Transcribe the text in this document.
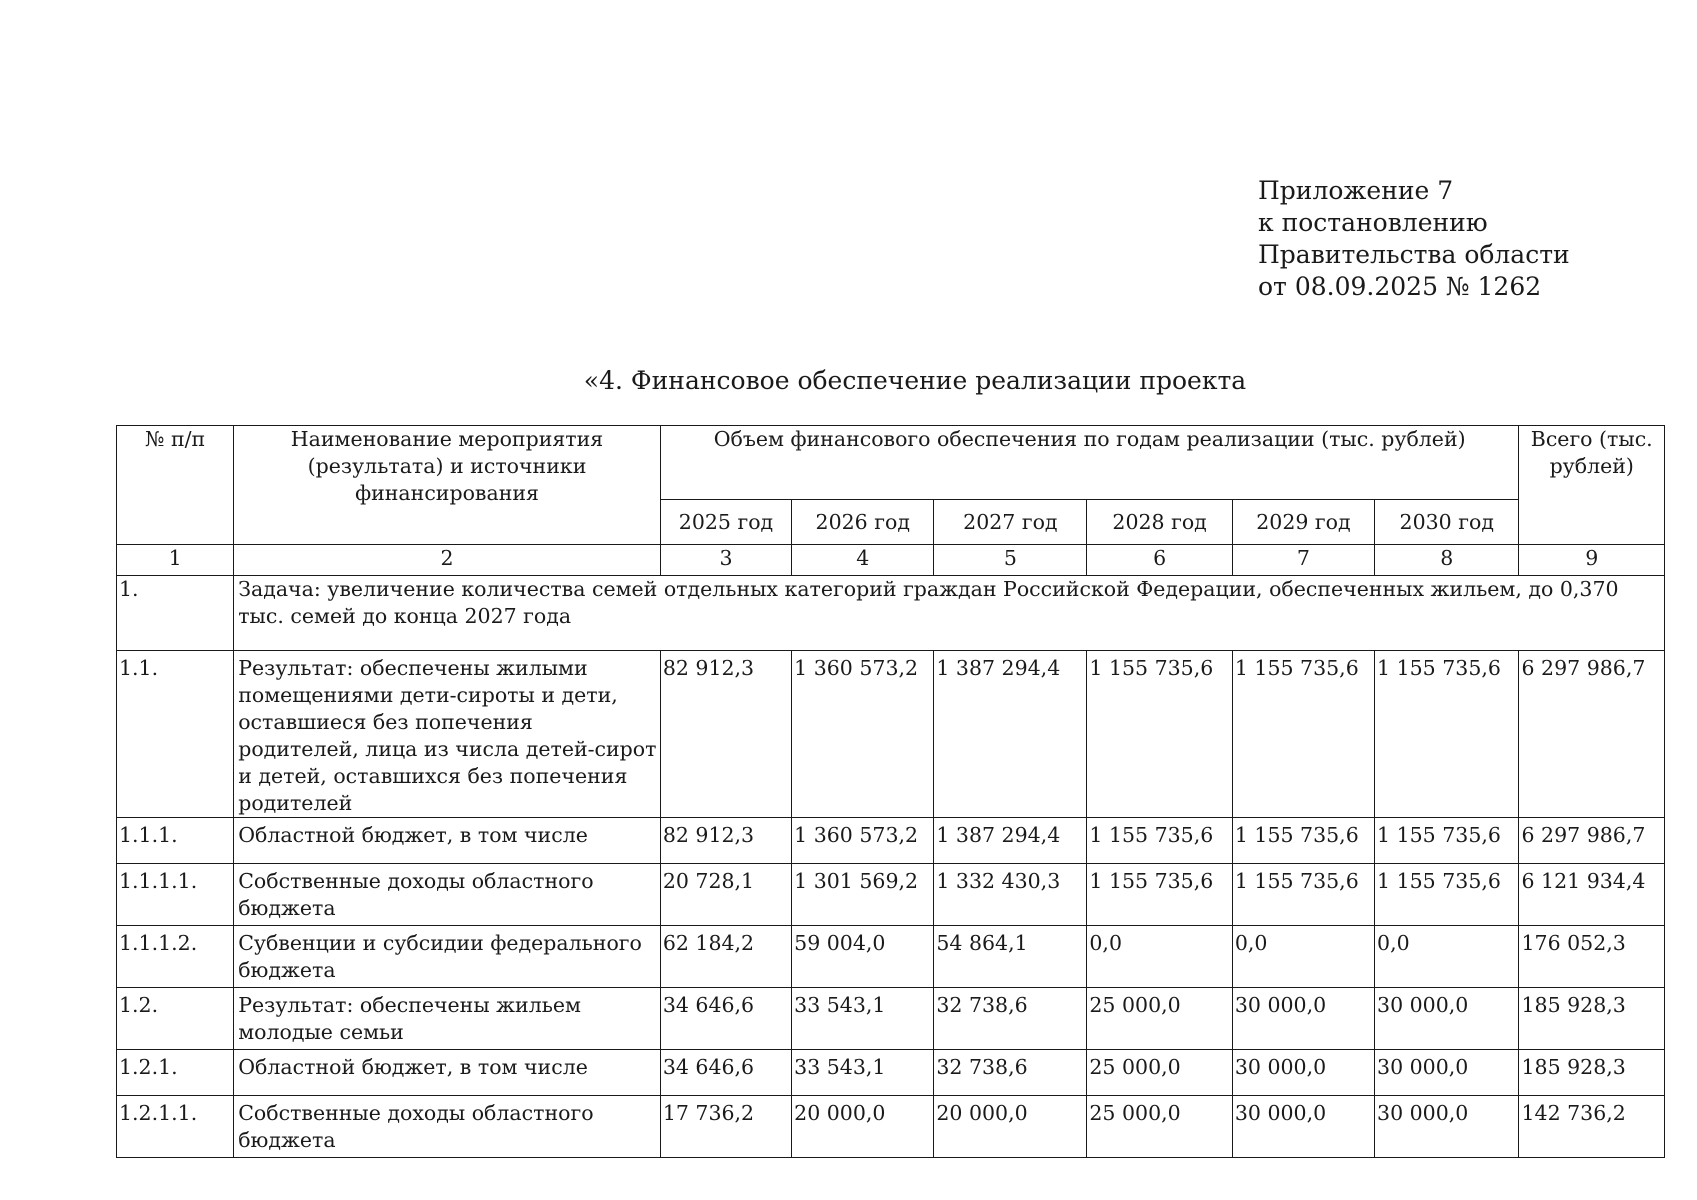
Приложение 7
к постановлению
Правительства области
от 08.09.2025 № 1262
«4. Финансовое обеспечение реализации проекта
№ п/п	Наименование мероприятия (результата) и источники финансирования	Объем финансового обеспечения по годам реализации (тыс. рублей)						Всего (тыс. рублей)
		2025 год	2026 год	2027 год	2028 год	2029 год	2030 год	
1	2	3	4	5	6	7	8	9
1.	Задача: увеличение количества семей отдельных категорий граждан Российской Федерации, обеспеченных жильем, до 0,370 тыс. семей до конца 2027 года							
1.1.	Результат: обеспечены жилыми помещениями дети-сироты и дети, оставшиеся без попечения родителей, лица из числа детей-сирот и детей, оставшихся без попечения родителей	82 912,3	1 360 573,2	1 387 294,4	1 155 735,6	1 155 735,6	1 155 735,6	6 297 986,7
1.1.1.	Областной бюджет, в том числе	82 912,3	1 360 573,2	1 387 294,4	1 155 735,6	1 155 735,6	1 155 735,6	6 297 986,7
1.1.1.1.	Собственные доходы областного бюджета	20 728,1	1 301 569,2	1 332 430,3	1 155 735,6	1 155 735,6	1 155 735,6	6 121 934,4
1.1.1.2.	Субвенции и субсидии федерального бюджета	62 184,2	59 004,0	54 864,1	0,0	0,0	0,0	176 052,3
1.2.	Результат: обеспечены жильем молодые семьи	34 646,6	33 543,1	32 738,6	25 000,0	30 000,0	30 000,0	185 928,3
1.2.1.	Областной бюджет, в том числе	34 646,6	33 543,1	32 738,6	25 000,0	30 000,0	30 000,0	185 928,3
1.2.1.1.	Собственные доходы областного бюджета	17 736,2	20 000,0	20 000,0	25 000,0	30 000,0	30 000,0	142 736,2
